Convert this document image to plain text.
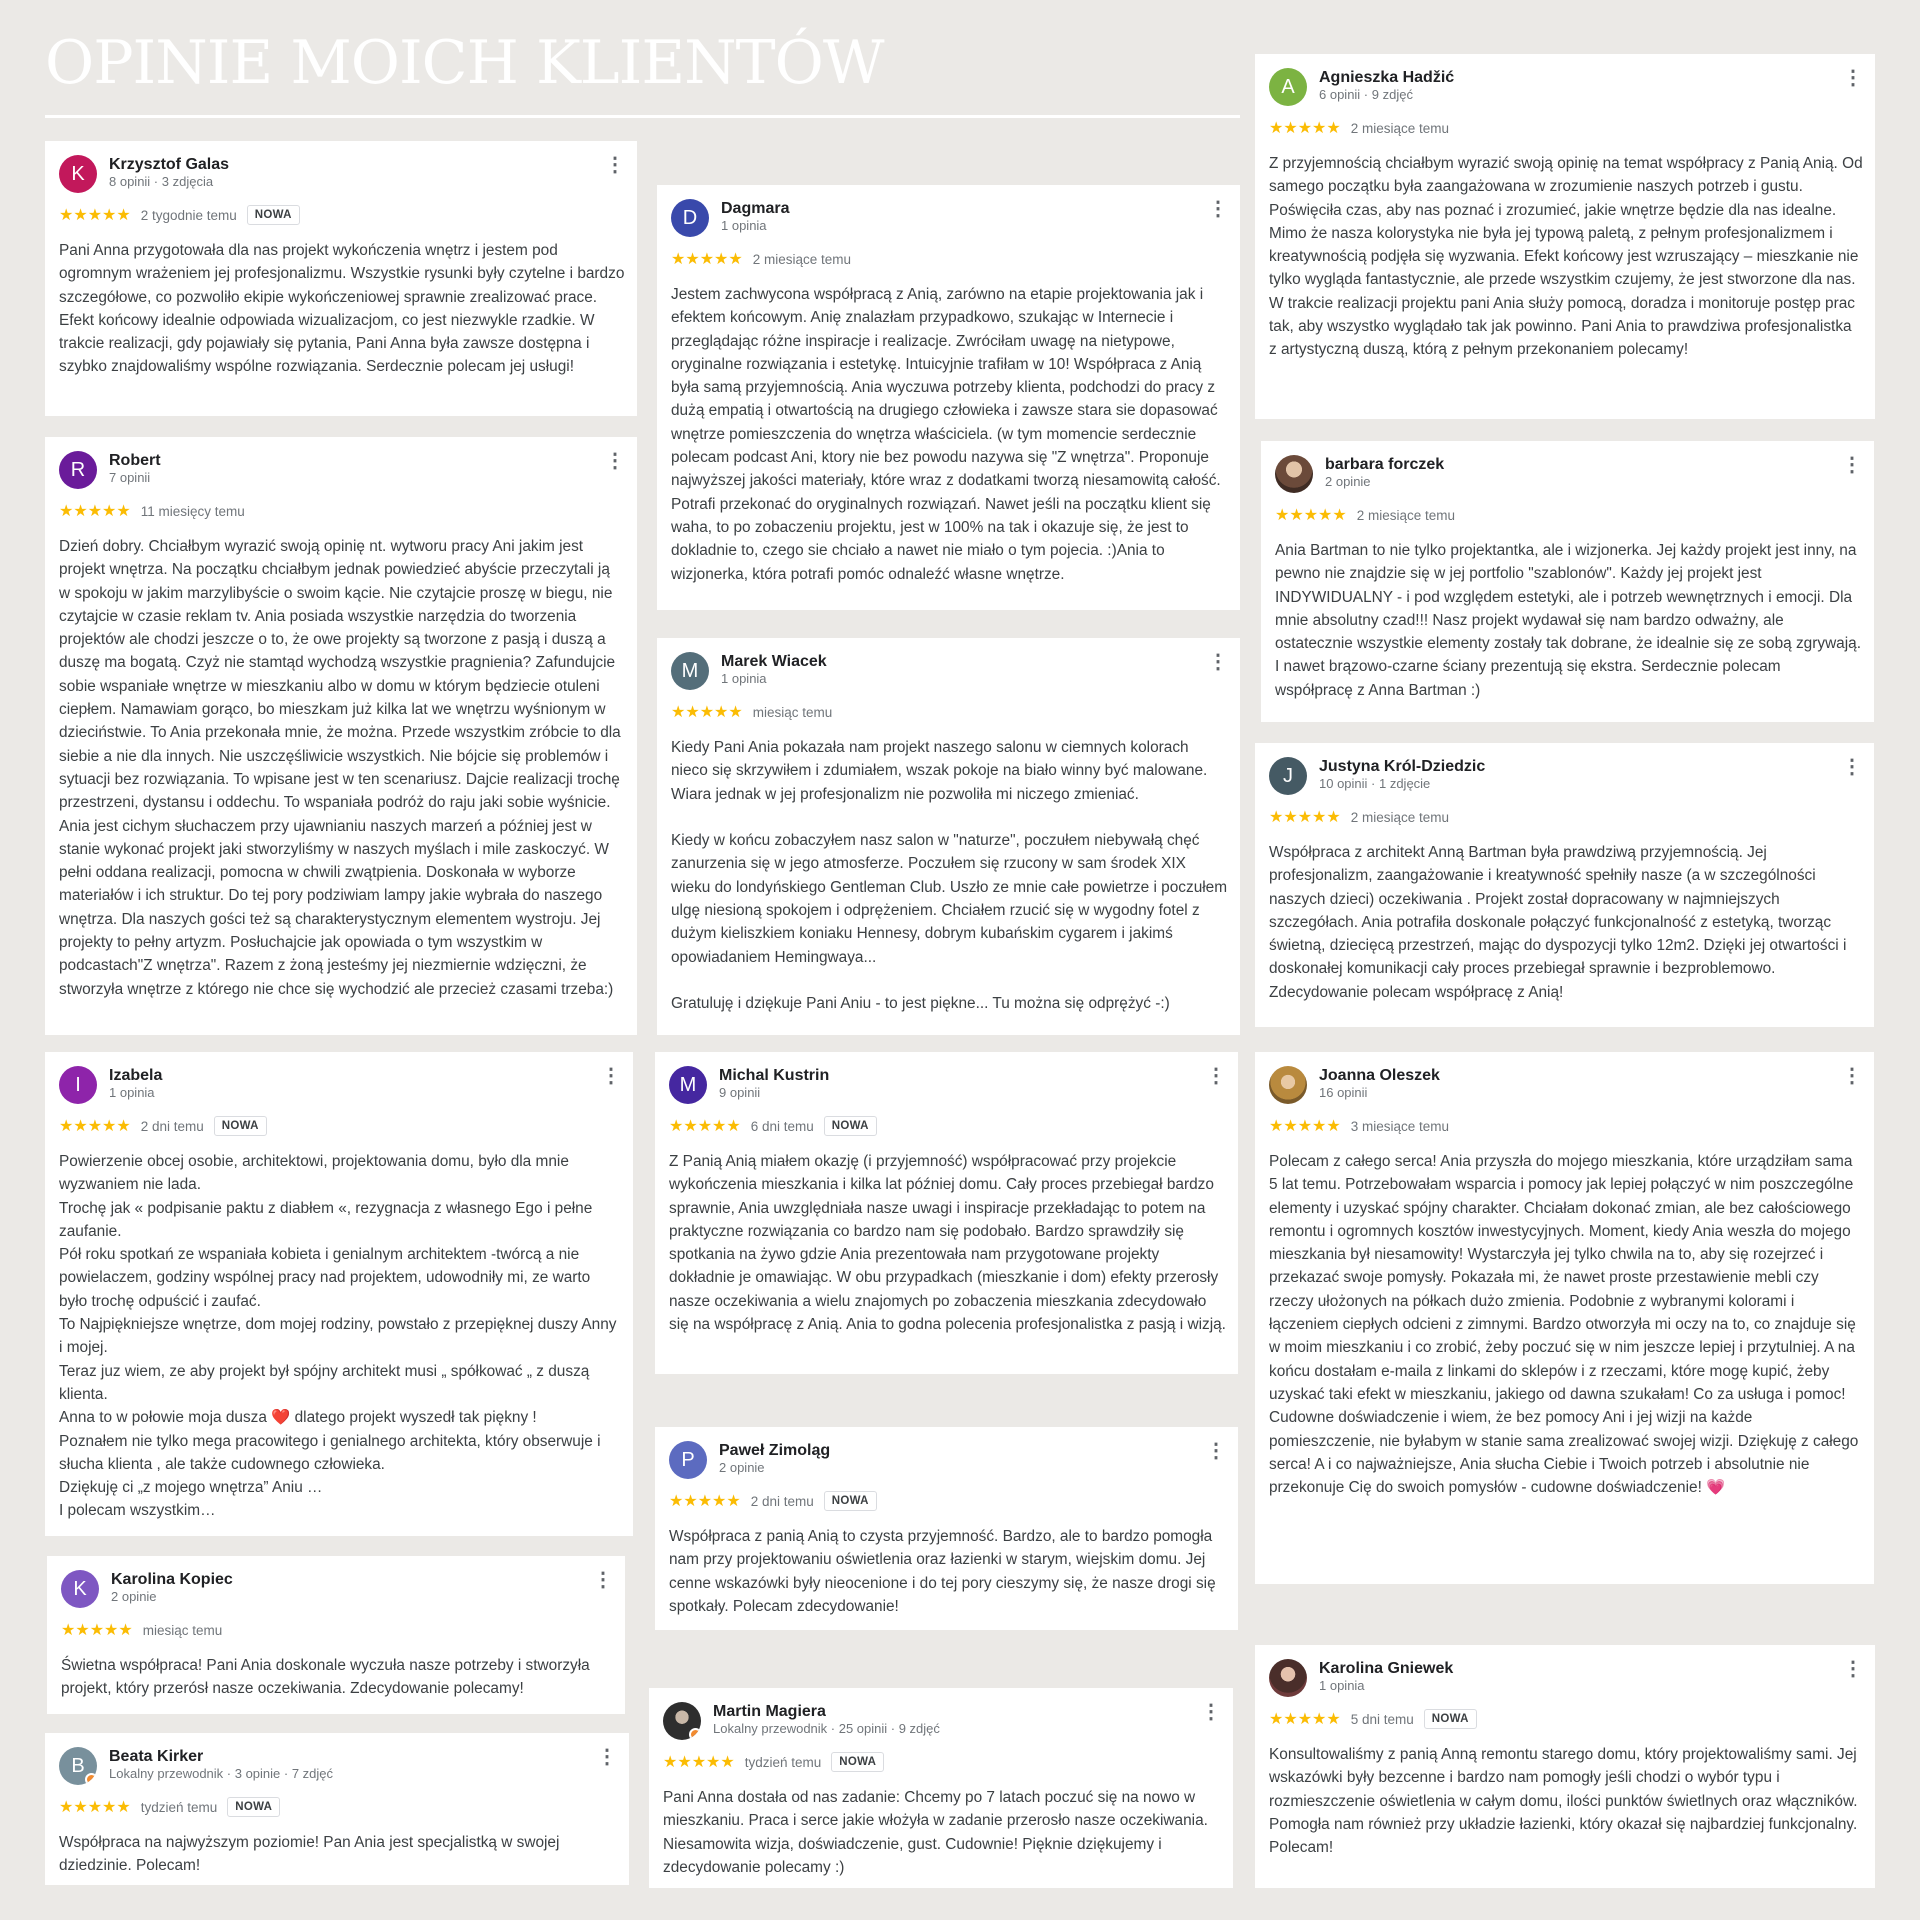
OPINIE MOICH KLIENTÓW
K Krzysztof Galas
8 opinii · 3 zdjęcia
⋮
★★★★★ 2 tygodnie temu	NOWA
Pani Anna przygotowała dla nas projekt wykończenia wnętrz i jestem pod ogromnym wrażeniem jej profesjonalizmu. Wszystkie rysunki były czytelne i bardzo szczegółowe, co pozwoliło ekipie wykończeniowej sprawnie zrealizować prace. Efekt końcowy idealnie odpowiada wizualizacjom, co jest niezwykle rzadkie. W trakcie realizacji, gdy pojawiały się pytania, Pani Anna była zawsze dostępna i szybko znajdowaliśmy wspólne rozwiązania. Serdecznie polecam jej usługi!
R Robert
7 opinii
⋮
★★★★★ 11 miesięcy temu
Dzień dobry. Chciałbym wyrazić swoją opinię nt. wytworu pracy Ani jakim jest projekt wnętrza. Na początku chciałbym jednak powiedzieć abyście przeczytali ją w spokoju w jakim marzylibyście o swoim kącie. Nie czytajcie proszę w biegu, nie czytajcie w czasie reklam tv. Ania posiada wszystkie narzędzia do tworzenia projektów ale chodzi jeszcze o to, że owe projekty są tworzone z pasją i duszą a duszę ma bogatą. Czyż nie stamtąd wychodzą wszystkie pragnienia? Zafundujcie sobie wspaniałe wnętrze w mieszkaniu albo w domu w którym będziecie otuleni ciepłem. Namawiam gorąco, bo mieszkam już kilka lat we wnętrzu wyśnionym w dzieciństwie. To Ania przekonała mnie, że można. Przede wszystkim zróbcie to dla siebie a nie dla innych. Nie uszczęśliwicie wszystkich. Nie bójcie się problemów i sytuacji bez rozwiązania. To wpisane jest w ten scenariusz. Dajcie realizacji trochę przestrzeni, dystansu i oddechu. To wspaniała podróż do raju jaki sobie wyśnicie. Ania jest cichym słuchaczem przy ujawnianiu naszych marzeń a później jest w stanie wykonać projekt jaki stworzyliśmy w naszych myślach i mile zaskoczyć. W pełni oddana realizacji, pomocna w chwili zwątpienia. Doskonała w wyborze materiałów i ich struktur. Do tej pory podziwiam lampy jakie wybrała do naszego wnętrza. Dla naszych gości też są charakterystycznym elementem wystroju. Jej projekty to pełny artyzm. Posłuchajcie jak opowiada o tym wszystkim w podcastach"Z wnętrza". Razem z żoną jesteśmy jej niezmiernie wdzięczni, że stworzyła wnętrze z którego nie chce się wychodzić ale przecież czasami trzeba:)
I Izabela
1 opinia
⋮
★★★★★ 2 dni temu	NOWA
Powierzenie obcej osobie, architektowi, projektowania domu, było dla mnie wyzwaniem nie lada.
Trochę jak « podpisanie paktu z diabłem «, rezygnacja z własnego Ego i pełne zaufanie.
Pół roku spotkań ze wspaniała kobieta i genialnym architektem -twórcą a nie powielaczem, godziny wspólnej pracy nad projektem, udowodniły mi, ze warto było trochę odpuścić i zaufać.
To Najpiękniejsze wnętrze, dom mojej rodziny, powstało z przepięknej duszy Anny i mojej.
Teraz juz wiem, ze aby projekt był spójny architekt musi „ spółkować „ z duszą klienta.
Anna to w połowie moja dusza ❤️ dlatego projekt wyszedł tak piękny !
Poznałem nie tylko mega pracowitego i genialnego architekta, który obserwuje i słucha klienta , ale także cudownego człowieka.
Dziękuję ci „z mojego wnętrza” Aniu …
I polecam wszystkim…
K Karolina Kopiec
2 opinie
⋮
★★★★★ miesiąc temu
Świetna współpraca! Pani Ania doskonale wyczuła nasze potrzeby i stworzyła projekt, który przerósł nasze oczekiwania. Zdecydowanie polecamy!
B Beata Kirker
Lokalny przewodnik · 3 opinie · 7 zdjęć
⋮
★★★★★ tydzień temu	NOWA
Współpraca na najwyższym poziomie! Pan Ania jest specjalistką w swojej dziedzinie. Polecam!
D Dagmara
1 opinia
⋮
★★★★★ 2 miesiące temu
Jestem zachwycona współpracą z Anią, zarówno na etapie projektowania jak i efektem końcowym. Anię znalazłam przypadkowo, szukając w Internecie i przeglądając różne inspiracje i realizacje. Zwróciłam uwagę na nietypowe, oryginalne rozwiązania i estetykę. Intuicyjnie trafiłam w 10! Współpraca z Anią była samą przyjemnością. Ania wyczuwa potrzeby klienta, podchodzi do pracy z dużą empatią i otwartością na drugiego człowieka i zawsze stara sie dopasować wnętrze pomieszczenia do wnętrza właściciela. (w tym momencie serdecznie polecam podcast Ani, ktory nie bez powodu nazywa się "Z wnętrza". Proponuje najwyższej jakości materiały, które wraz z dodatkami tworzą niesamowitą całość. Potrafi przekonać do oryginalnych rozwiązań. Nawet jeśli na początku klient się waha, to po zobaczeniu projektu, jest w 100% na tak i okazuje się, że jest to dokladnie to, czego sie chciało a nawet nie miało o tym pojecia. :)Ania to wizjonerka, która potrafi pomóc odnaleźć własne wnętrze.
M Marek Wiacek
1 opinia
⋮
★★★★★ miesiąc temu
Kiedy Pani Ania pokazała nam projekt naszego salonu w ciemnych kolorach nieco się skrzywiłem i zdumiałem, wszak pokoje na biało winny być malowane. Wiara jednak w jej profesjonalizm nie pozwoliła mi niczego zmieniać.

Kiedy w końcu zobaczyłem nasz salon w "naturze", poczułem niebywałą chęć zanurzenia się w jego atmosferze. Poczułem się rzucony w sam środek XIX wieku do londyńskiego Gentleman Club. Uszło ze mnie całe powietrze i poczułem ulgę niesioną spokojem i odprężeniem. Chciałem rzucić się w wygodny fotel z dużym kieliszkiem koniaku Hennesy, dobrym kubańskim cygarem i jakimś opowiadaniem Hemingwaya...

Gratuluję i dziękuje Pani Aniu - to jest piękne... Tu można się odprężyć -:)
M Michal Kustrin
9 opinii
⋮
★★★★★ 6 dni temu	NOWA
Z Panią Anią miałem okazję (i przyjemność) współpracować przy projekcie wykończenia mieszkania i kilka lat później domu. Cały proces przebiegał bardzo sprawnie, Ania uwzględniała nasze uwagi i inspiracje przekładając to potem na praktyczne rozwiązania co bardzo nam się podobało. Bardzo sprawdziły się spotkania na żywo gdzie Ania prezentowała nam przygotowane projekty dokładnie je omawiając. W obu przypadkach (mieszkanie i dom) efekty przerosły nasze oczekiwania a wielu znajomych po zobaczenia mieszkania zdecydowało się na współpracę z Anią. Ania to godna polecenia profesjonalistka z pasją i wizją.
P Paweł Zimoląg
2 opinie
⋮
★★★★★ 2 dni temu	NOWA
Współpraca z panią Anią to czysta przyjemność. Bardzo, ale to bardzo pomogła nam przy projektowaniu oświetlenia oraz łazienki w starym, wiejskim domu. Jej cenne wskazówki były nieocenione i do tej pory cieszymy się, że nasze drogi się spotkały. Polecam zdecydowanie!
Martin Magiera
Lokalny przewodnik · 25 opinii · 9 zdjęć
⋮
★★★★★ tydzień temu	NOWA
Pani Anna dostała od nas zadanie: Chcemy po 7 latach poczuć się na nowo w mieszkaniu. Praca i serce jakie włożyła w zadanie przerosło nasze oczekiwania. Niesamowita wizja, doświadczenie, gust. Cudownie! Pięknie dziękujemy i zdecydowanie polecamy :)
A Agnieszka Hadžić
6 opinii · 9 zdjęć
⋮
★★★★★ 2 miesiące temu
Z przyjemnością chciałbym wyrazić swoją opinię na temat współpracy z Panią Anią. Od samego początku była zaangażowana w zrozumienie naszych potrzeb i gustu. Poświęciła czas, aby nas poznać i zrozumieć, jakie wnętrze będzie dla nas idealne. Mimo że nasza kolorystyka nie była jej typową paletą, z pełnym profesjonalizmem i kreatywnością podjęła się wyzwania. Efekt końcowy jest wzruszający – mieszkanie nie tylko wygląda fantastycznie, ale przede wszystkim czujemy, że jest stworzone dla nas. W trakcie realizacji projektu pani Ania służy pomocą, doradza i monitoruje postęp prac tak, aby wszystko wyglądało tak jak powinno. Pani Ania to prawdziwa profesjonalistka z artystyczną duszą, którą z pełnym przekonaniem polecamy!
barbara forczek
2 opinie
⋮
★★★★★ 2 miesiące temu
Ania Bartman to nie tylko projektantka, ale i wizjonerka. Jej każdy projekt jest inny, na pewno nie znajdzie się w jej portfolio "szablonów". Każdy jej projekt jest INDYWIDUALNY - i pod względem estetyki, ale i potrzeb wewnętrznych i emocji. Dla mnie absolutny czad!!! Nasz projekt wydawał się nam bardzo odważny, ale ostatecznie wszystkie elementy zostały tak dobrane, że idealnie się ze sobą zgrywają. I nawet brązowo-czarne ściany prezentują się ekstra. Serdecznie polecam współpracę z Anna Bartman :)
J Justyna Król-Dziedzic
10 opinii · 1 zdjęcie
⋮
★★★★★ 2 miesiące temu
Współpraca z architekt Anną Bartman była prawdziwą przyjemnością. Jej profesjonalizm, zaangażowanie i kreatywność spełniły nasze (a w szczególności naszych dzieci) oczekiwania . Projekt został dopracowany w najmniejszych szczegółach. Ania potrafiła doskonale połączyć funkcjonalność z estetyką, tworząc świetną, dziecięcą przestrzeń, mając do dyspozycji tylko 12m2. Dzięki jej otwartości i doskonałej komunikacji cały proces przebiegał sprawnie i bezproblemowo. Zdecydowanie polecam współpracę z Anią!
Joanna Oleszek
16 opinii
⋮
★★★★★ 3 miesiące temu
Polecam z całego serca! Ania przyszła do mojego mieszkania, które urządziłam sama 5 lat temu. Potrzebowałam wsparcia i pomocy jak lepiej połączyć w nim poszczególne elementy i uzyskać spójny charakter. Chciałam dokonać zmian, ale bez całościowego remontu i ogromnych kosztów inwestycyjnych. Moment, kiedy Ania weszła do mojego mieszkania był niesamowity! Wystarczyła jej tylko chwila na to, aby się rozejrzeć i przekazać swoje pomysły. Pokazała mi, że nawet proste przestawienie mebli czy rzeczy ułożonych na półkach dużo zmienia. Podobnie z wybranymi kolorami i łączeniem ciepłych odcieni z zimnymi. Bardzo otworzyła mi oczy na to, co znajduje się w moim mieszkaniu i co zrobić, żeby poczuć się w nim jeszcze lepiej i przytulniej. A na końcu dostałam e-maila z linkami do sklepów i z rzeczami, które mogę kupić, żeby uzyskać taki efekt w mieszkaniu, jakiego od dawna szukałam! Co za usługa i pomoc! Cudowne doświadczenie i wiem, że bez pomocy Ani i jej wizji na każde pomieszczenie, nie byłabym w stanie sama zrealizować swojej wizji. Dziękuję z całego serca! A i co najważniejsze, Ania słucha Ciebie i Twoich potrzeb i absolutnie nie przekonuje Cię do swoich pomysłów - cudowne doświadczenie! 💗
Karolina Gniewek
1 opinia
⋮
★★★★★ 5 dni temu	NOWA
Konsultowaliśmy z panią Anną remontu starego domu, który projektowaliśmy sami. Jej wskazówki były bezcenne i bardzo nam pomogły jeśli chodzi o wybór typu i rozmieszczenie oświetlenia w całym domu, ilości punktów świetlnych oraz włączników. Pomogła nam również przy układzie łazienki, który okazał się najbardziej funkcjonalny. Polecam!
